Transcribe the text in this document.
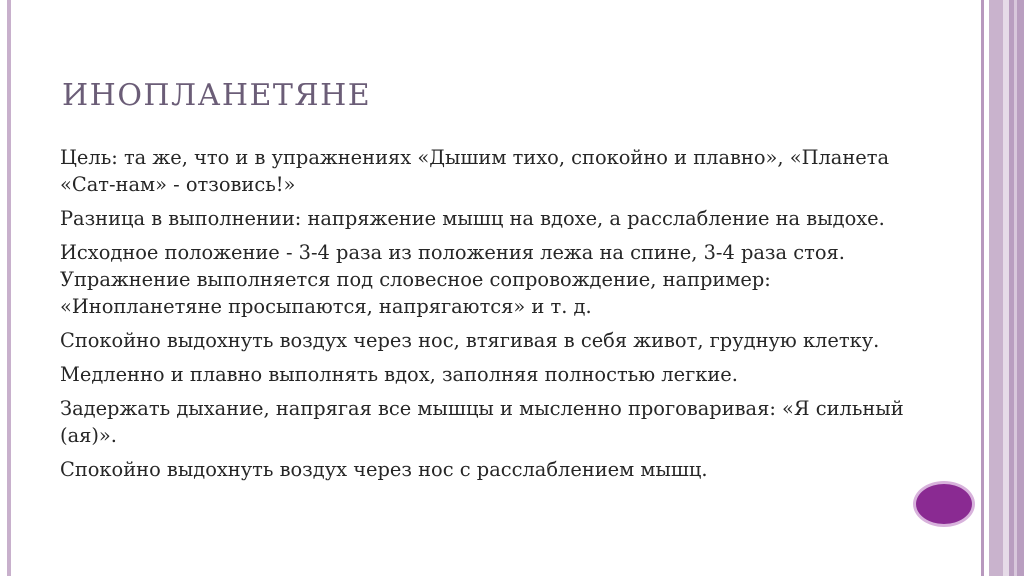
ИНОПЛАНЕТЯНЕ

Цель: та же, что и в упражнениях «Дышим тихо, спокойно и плавно», «Планета «Сат-нам» - отзовись!»

Разница в выполнении: напряжение мышц на вдохе, а расслабление на выдохе.

Исходное положение - 3-4 раза из положения лежа на спине, 3-4 раза стоя. Упражнение выполняется под словесное сопровождение, например: «Инопланетяне просыпаются, напрягаются» и т. д.

Спокойно выдохнуть воздух через нос, втягивая в себя живот, грудную клетку.

Медленно и плавно выполнять вдох, заполняя полностью легкие.

Задержать дыхание, напрягая все мышцы и мысленно проговаривая: «Я сильный (ая)».

Спокойно выдохнуть воздух через нос с расслаблением мышц.
